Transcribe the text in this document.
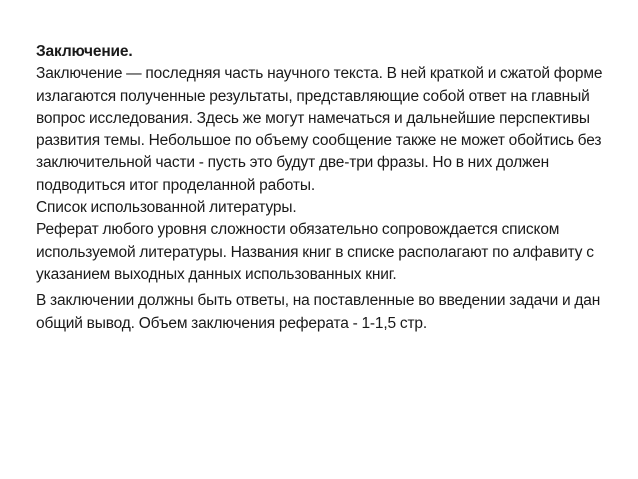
Заключение.

Заключение — последняя часть научного текста. В ней краткой и сжатой форме излагаются полученные результаты, представляющие собой ответ на главный вопрос исследования. Здесь же могут намечаться и дальнейшие перспективы развития темы. Небольшое по объему сообщение также не может обойтись без заключительной части - пусть это будут две-три фразы. Но в них должен подводиться итог проделанной работы.

Список использованной литературы.

Реферат любого уровня сложности обязательно сопровождается списком используемой литературы. Названия книг в списке располагают по алфавиту с указанием выходных данных использованных книг.

В заключении должны быть ответы, на поставленные во введении задачи и дан общий вывод. Объем заключения реферата - 1-1,5 стр.
